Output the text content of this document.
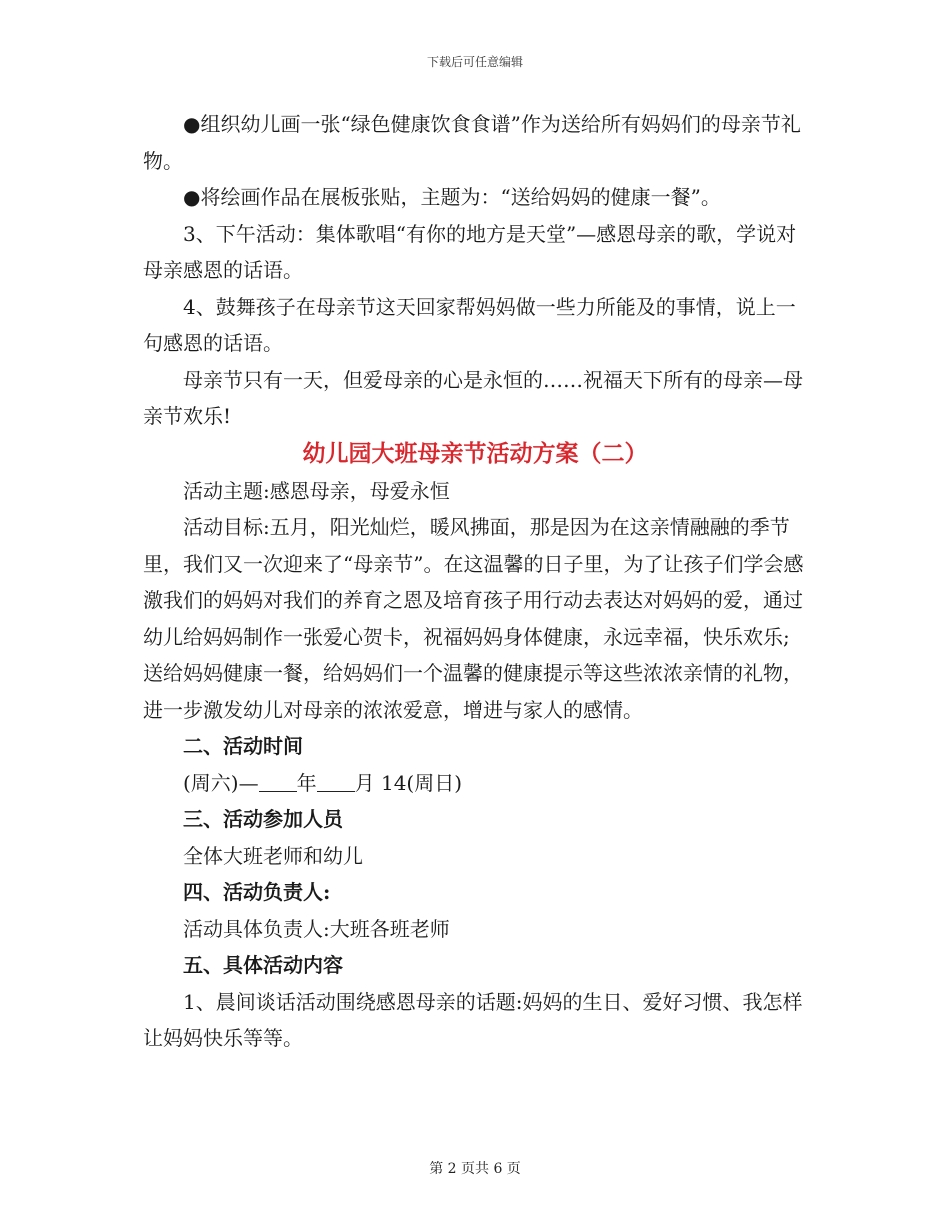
下载后可任意编辑

●组织幼儿画一张“绿色健康饮食食谱”作为送给所有妈妈们的母亲节礼物。

●将绘画作品在展板张贴，主题为：“送给妈妈的健康一餐”。

3、下午活动：集体歌唱“有你的地方是天堂”—感恩母亲的歌，学说对母亲感恩的话语。

4、鼓舞孩子在母亲节这天回家帮妈妈做一些力所能及的事情，说上一句感恩的话语。

母亲节只有一天，但爱母亲的心是永恒的……祝福天下所有的母亲—母亲节欢乐!

幼儿园大班母亲节活动方案（二）

活动主题:感恩母亲，母爱永恒

活动目标:五月，阳光灿烂，暖风拂面，那是因为在这亲情融融的季节里，我们又一次迎来了“母亲节”。在这温馨的日子里，为了让孩子们学会感激我们的妈妈对我们的养育之恩及培育孩子用行动去表达对妈妈的爱，通过幼儿给妈妈制作一张爱心贺卡，祝福妈妈身体健康，永远幸福，快乐欢乐;送给妈妈健康一餐，给妈妈们一个温馨的健康提示等这些浓浓亲情的礼物，进一步激发幼儿对母亲的浓浓爱意，增进与家人的感情。

二、活动时间

(周六)— 年 月 14(周日)

三、活动参加人员

全体大班老师和幼儿

四、活动负责人:

活动具体负责人:大班各班老师

五、具体活动内容

1、晨间谈话活动围绕感恩母亲的话题:妈妈的生日、爱好习惯、我怎样让妈妈快乐等等。

第 2 页共 6 页
